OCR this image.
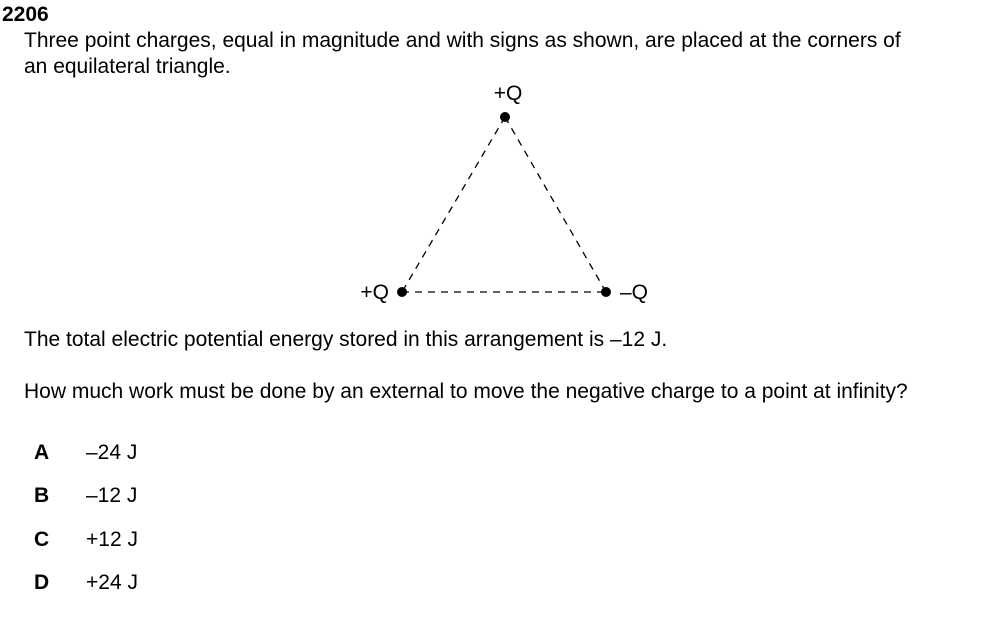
2206
Three point charges, equal in magnitude and with signs as shown, are placed at the corners of
an equilateral triangle.
+Q
+Q	–Q
The total electric potential energy stored in this arrangement is –12 J.
How much work must be done by an external to move the negative charge to a point at infinity?
A –24 J
B –12 J
C +12 J
D +24 J
